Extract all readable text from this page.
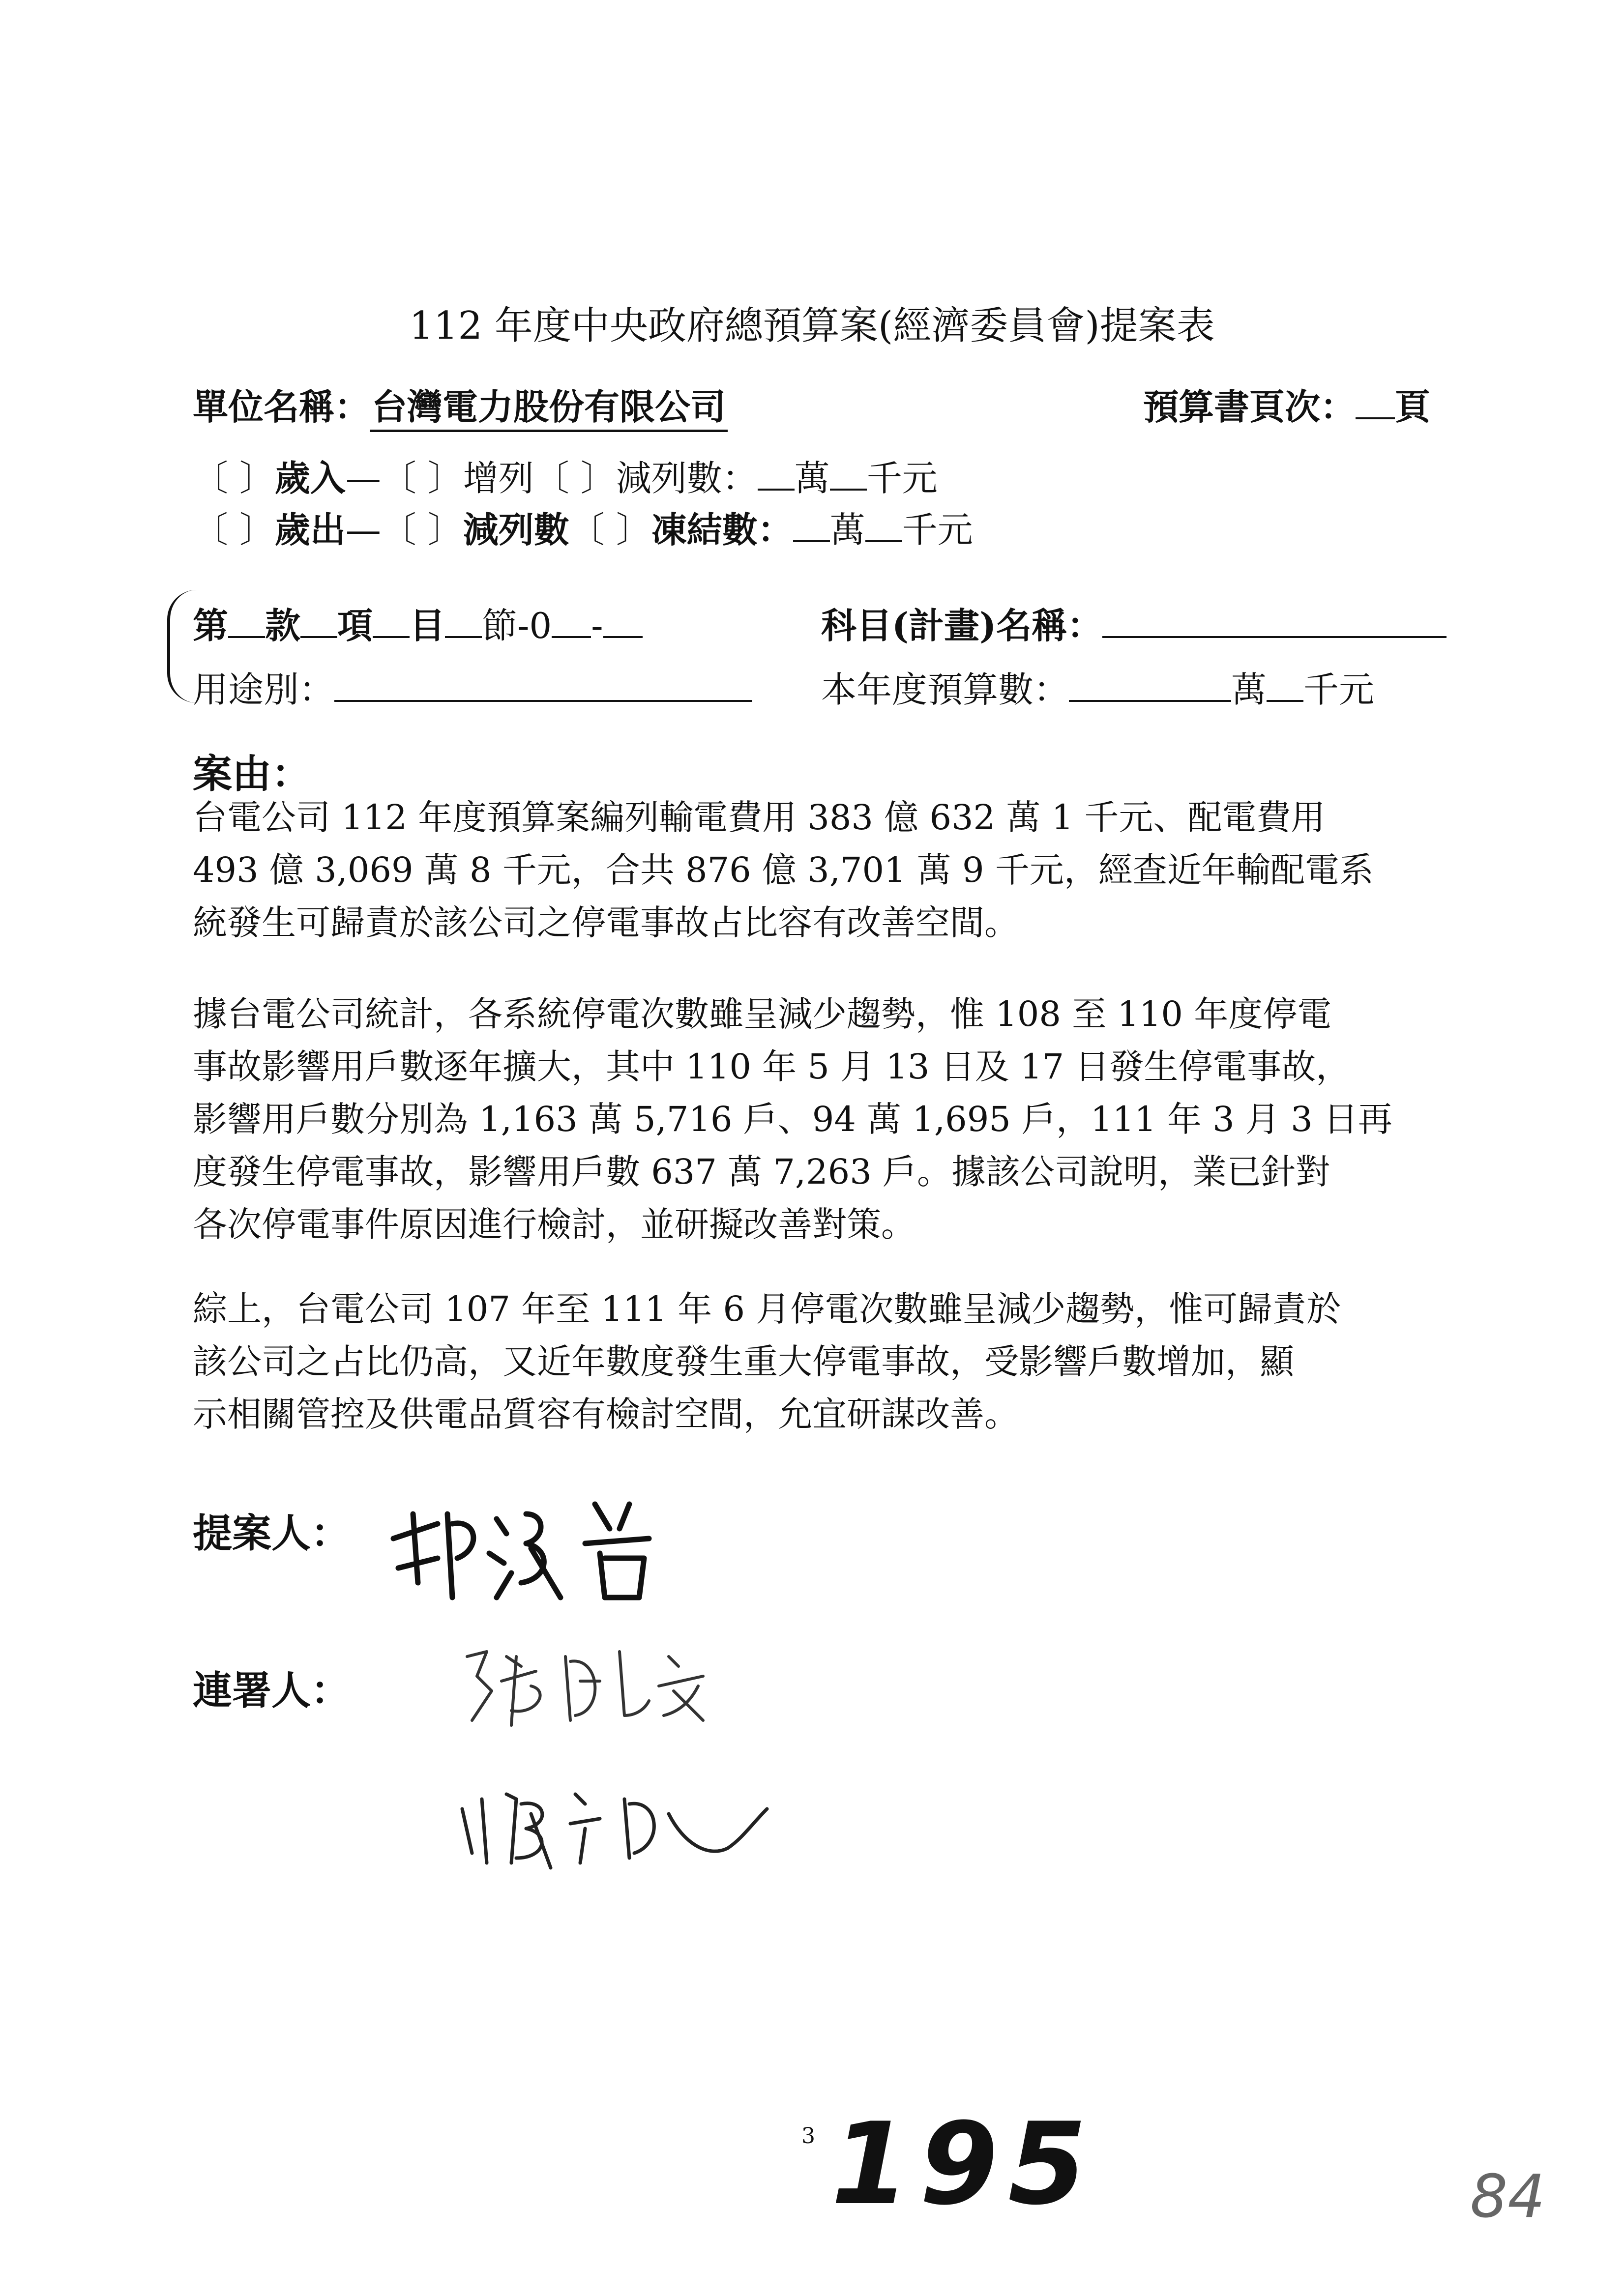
112 年度中央政府總預算案(經濟委員會)提案表
單位名稱：台灣電力股份有限公司	預算書頁次： 頁
〔 〕歲入—〔 〕增列〔 〕減列數： 萬 千元
〔 〕歲出—〔 〕減列數〔 〕凍結數： 萬 千元
第 款 項 目 節-0 -	科目(計畫)名稱：
用途別：	本年度預算數：	萬 千元
案由：
台電公司 112 年度預算案編列輸電費用 383 億 632 萬 1 千元、配電費用
493 億 3,069 萬 8 千元，合共 876 億 3,701 萬 9 千元，經查近年輸配電系
統發生可歸責於該公司之停電事故占比容有改善空間。
據台電公司統計，各系統停電次數雖呈減少趨勢，惟 108 至 110 年度停電
事故影響用戶數逐年擴大，其中 110 年 5 月 13 日及 17 日發生停電事故，
影響用戶數分別為 1,163 萬 5,716 戶、94 萬 1,695 戶，111 年 3 月 3 日再
度發生停電事故，影響用戶數 637 萬 7,263 戶。據該公司說明，業已針對
各次停電事件原因進行檢討，並研擬改善對策。
綜上，台電公司 107 年至 111 年 6 月停電次數雖呈減少趨勢，惟可歸責於
該公司之占比仍高，又近年數度發生重大停電事故，受影響戶數增加，顯
示相關管控及供電品質容有檢討空間，允宜研謀改善。
提案人：
連署人：
3 195	84
